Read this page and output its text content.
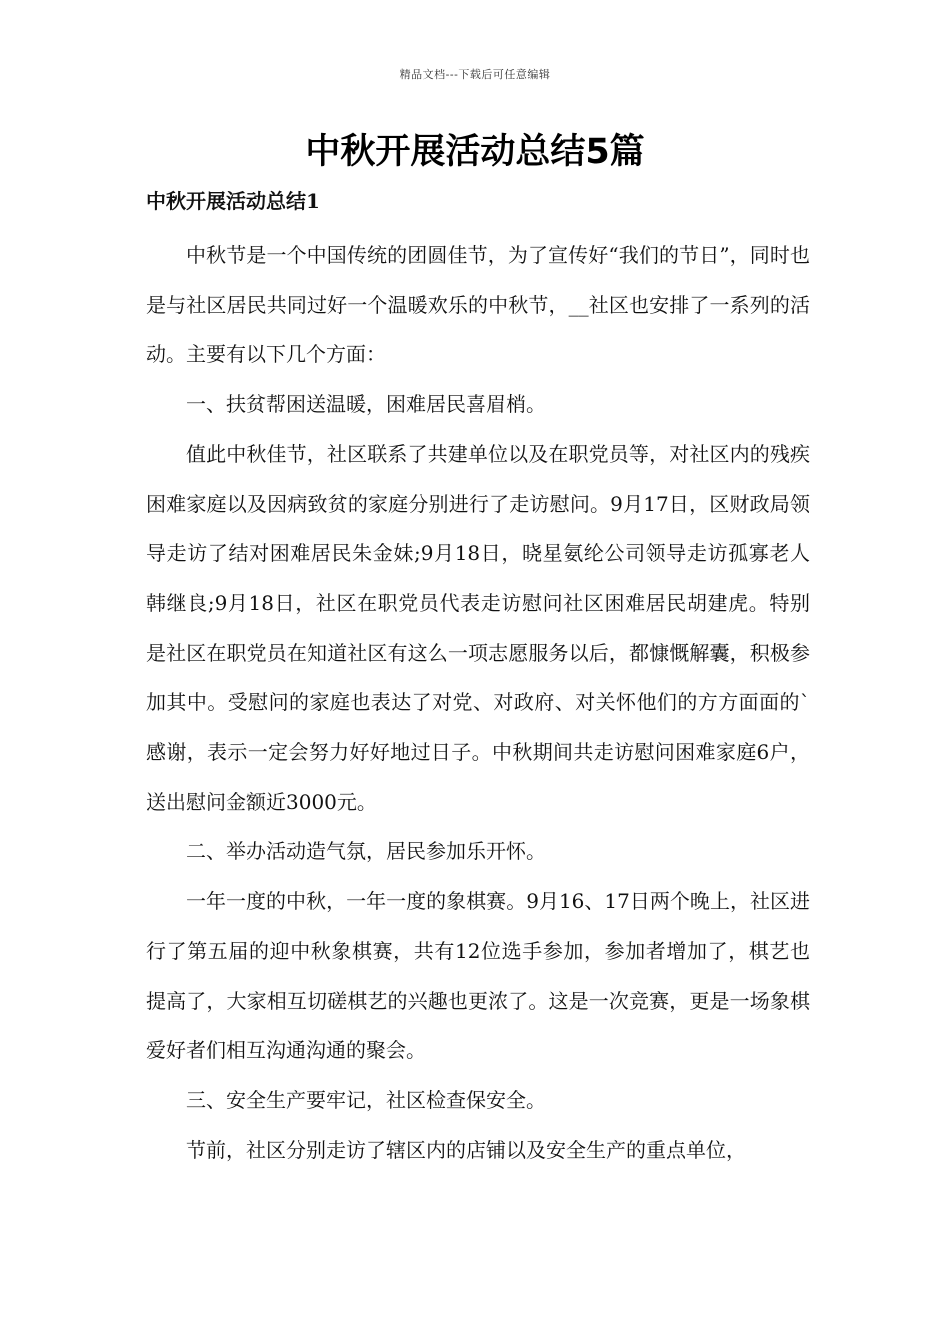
精品文档---下载后可任意编辑
中秋开展活动总结5篇
中秋开展活动总结1

中秋节是一个中国传统的团圆佳节，为了宣传好“我们的节日”，同时也是与社区居民共同过好一个温暖欢乐的中秋节，__社区也安排了一系列的活动。主要有以下几个方面：

一、扶贫帮困送温暖，困难居民喜眉梢。

值此中秋佳节，社区联系了共建单位以及在职党员等，对社区内的残疾困难家庭以及因病致贫的家庭分别进行了走访慰问。9月17日，区财政局领导走访了结对困难居民朱金妹;9月18日，晓星氨纶公司领导走访孤寡老人韩继良;9月18日，社区在职党员代表走访慰问社区困难居民胡建虎。特别是社区在职党员在知道社区有这么一项志愿服务以后，都慷慨解囊，积极参加其中。受慰问的家庭也表达了对党、对政府、对关怀他们的方方面面的`感谢，表示一定会努力好好地过日子。中秋期间共走访慰问困难家庭6户，送出慰问金额近3000元。

二、举办活动造气氛，居民参加乐开怀。

一年一度的中秋，一年一度的象棋赛。9月16、17日两个晚上，社区进行了第五届的迎中秋象棋赛，共有12位选手参加，参加者增加了，棋艺也提高了，大家相互切磋棋艺的兴趣也更浓了。这是一次竞赛，更是一场象棋爱好者们相互沟通沟通的聚会。

三、安全生产要牢记，社区检查保安全。

节前，社区分别走访了辖区内的店铺以及安全生产的重点单位，
